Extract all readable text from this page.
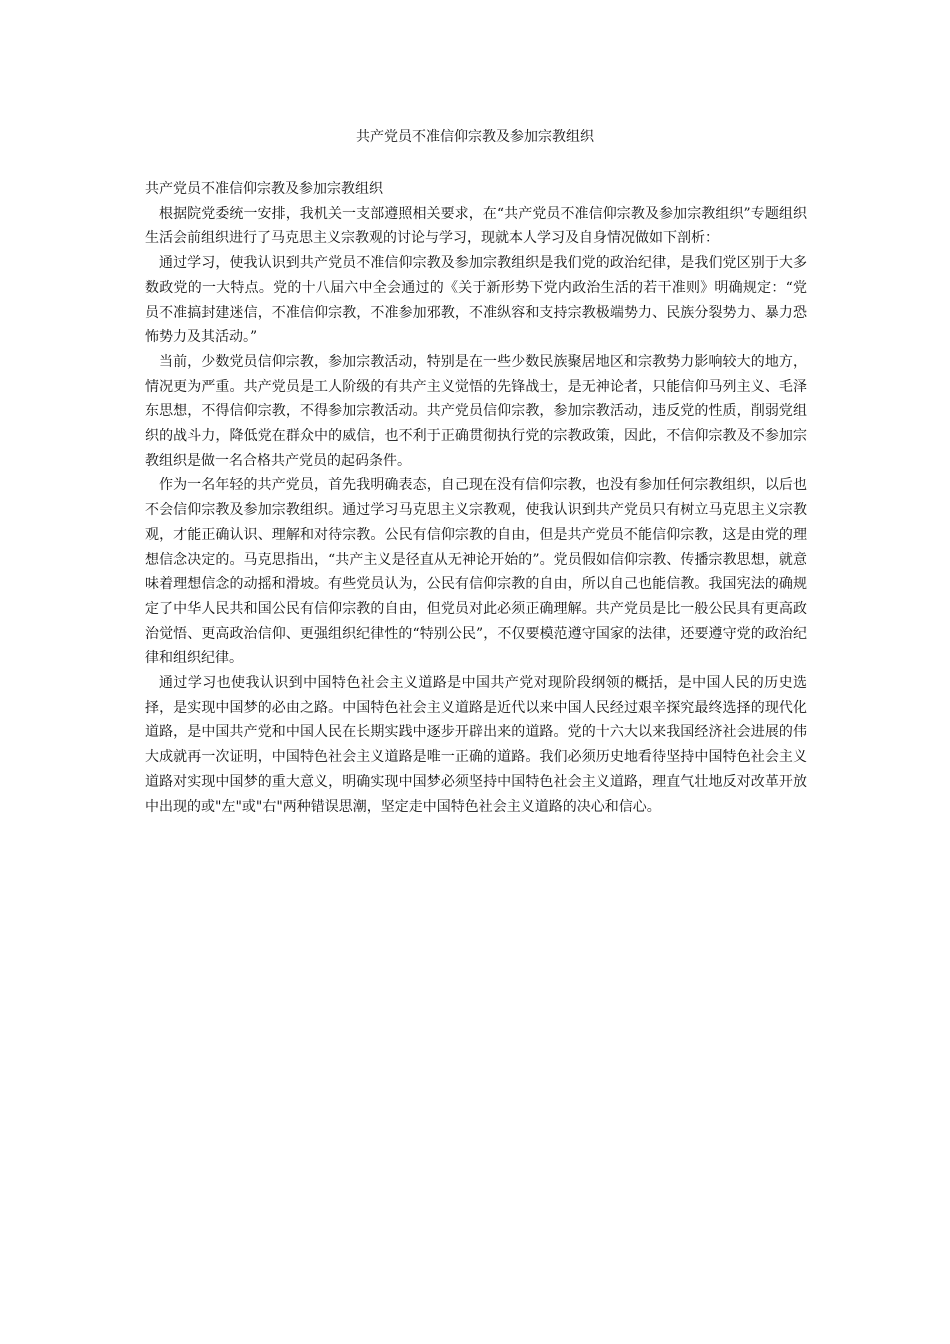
共产党员不准信仰宗教及参加宗教组织

共产党员不准信仰宗教及参加宗教组织

根据院党委统一安排，我机关一支部遵照相关要求，在“共产党员不准信仰宗教及参加宗教组织”专题组织生活会前组织进行了马克思主义宗教观的讨论与学习，现就本人学习及自身情况做如下剖析：

通过学习，使我认识到共产党员不准信仰宗教及参加宗教组织是我们党的政治纪律，是我们党区别于大多数政党的一大特点。党的十八届六中全会通过的《关于新形势下党内政治生活的若干准则》明确规定：“党员不准搞封建迷信，不准信仰宗教，不准参加邪教，不准纵容和支持宗教极端势力、民族分裂势力、暴力恐怖势力及其活动。”

当前，少数党员信仰宗教，参加宗教活动，特别是在一些少数民族聚居地区和宗教势力影响较大的地方，情况更为严重。共产党员是工人阶级的有共产主义觉悟的先锋战士，是无神论者，只能信仰马列主义、毛泽东思想，不得信仰宗教，不得参加宗教活动。共产党员信仰宗教，参加宗教活动，违反党的性质，削弱党组织的战斗力，降低党在群众中的威信，也不利于正确贯彻执行党的宗教政策，因此，不信仰宗教及不参加宗教组织是做一名合格共产党员的起码条件。

作为一名年轻的共产党员，首先我明确表态，自己现在没有信仰宗教，也没有参加任何宗教组织，以后也不会信仰宗教及参加宗教组织。通过学习马克思主义宗教观，使我认识到共产党员只有树立马克思主义宗教观，才能正确认识、理解和对待宗教。公民有信仰宗教的自由，但是共产党员不能信仰宗教，这是由党的理想信念决定的。马克思指出，“共产主义是径直从无神论开始的”。党员假如信仰宗教、传播宗教思想，就意味着理想信念的动摇和滑坡。有些党员认为，公民有信仰宗教的自由，所以自己也能信教。我国宪法的确规定了中华人民共和国公民有信仰宗教的自由，但党员对此必须正确理解。共产党员是比一般公民具有更高政治觉悟、更高政治信仰、更强组织纪律性的“特别公民”，不仅要模范遵守国家的法律，还要遵守党的政治纪律和组织纪律。

通过学习也使我认识到中国特色社会主义道路是中国共产党对现阶段纲领的概括，是中国人民的历史选择，是实现中国梦的必由之路。中国特色社会主义道路是近代以来中国人民经过艰辛探究最终选择的现代化道路，是中国共产党和中国人民在长期实践中逐步开辟出来的道路。党的十六大以来我国经济社会进展的伟大成就再一次证明，中国特色社会主义道路是唯一正确的道路。我们必须历史地看待坚持中国特色社会主义道路对实现中国梦的重大意义，明确实现中国梦必须坚持中国特色社会主义道路，理直气壮地反对改革开放中出现的或"左"或"右"两种错误思潮，坚定走中国特色社会主义道路的决心和信心。
